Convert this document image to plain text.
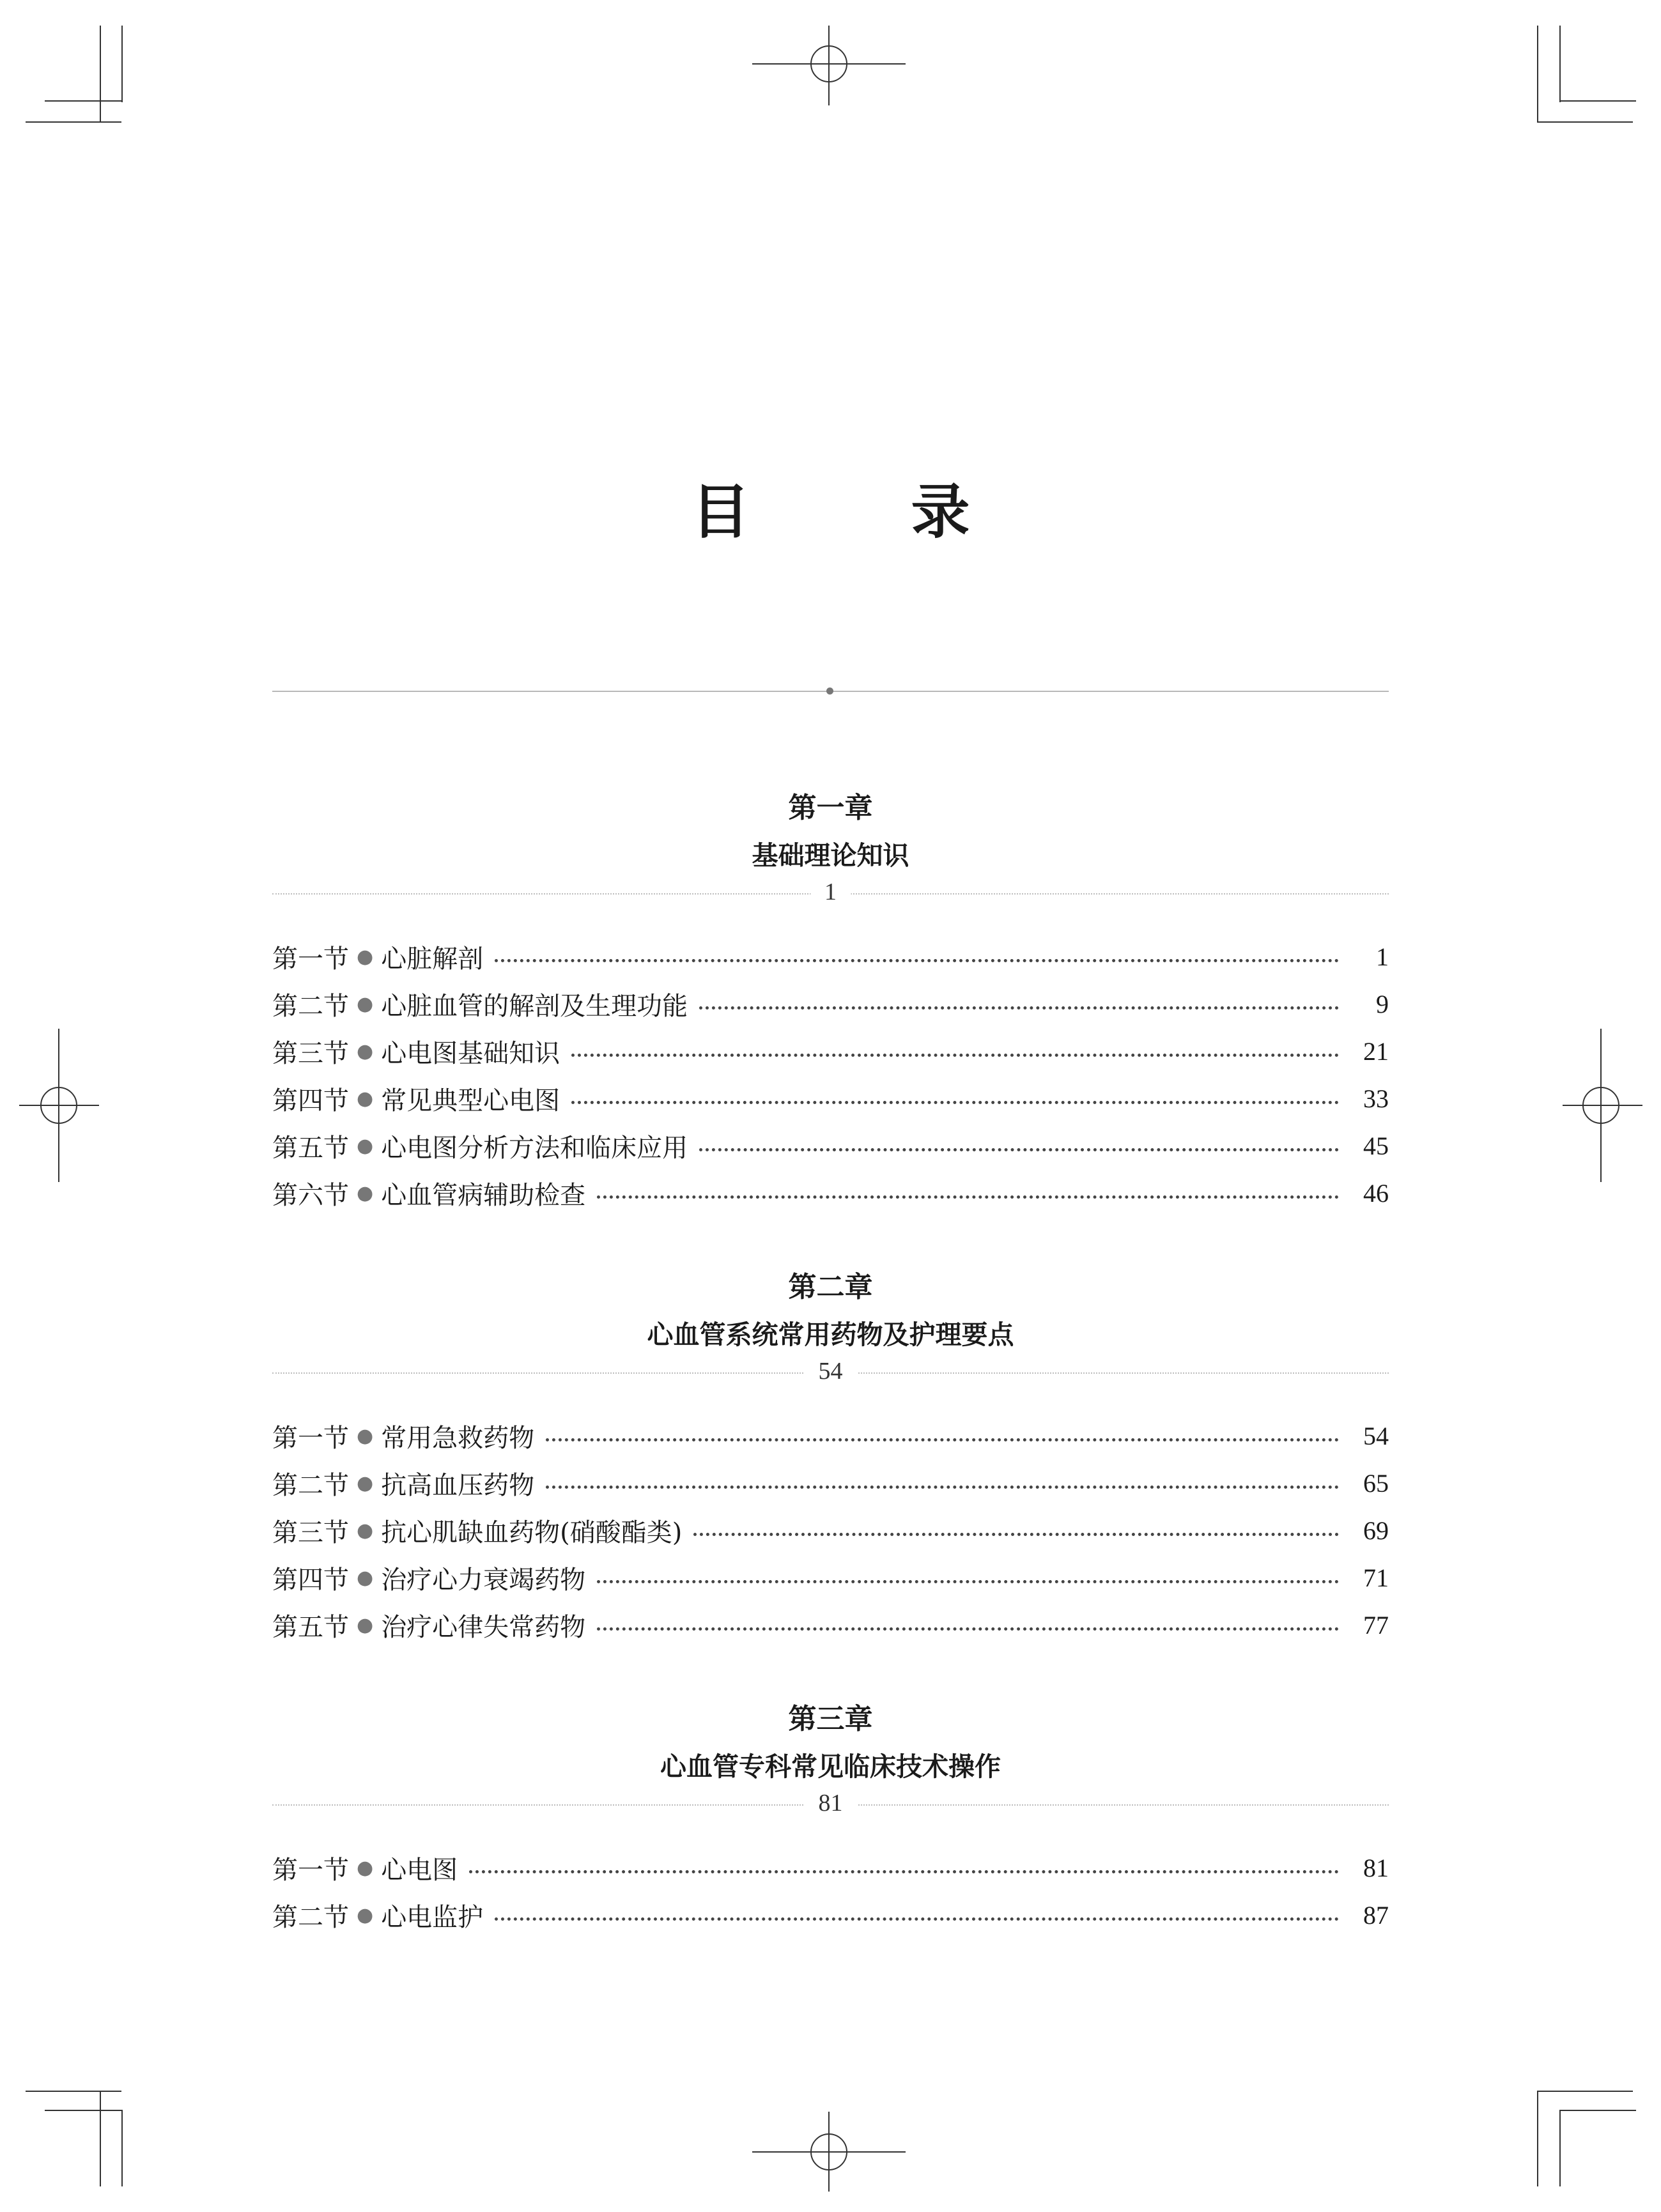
目 录
第一章
基础理论知识
1
第一节 ● 心脏解剖	1
第二节 ● 心脏血管的解剖及生理功能	9
第三节 ● 心电图基础知识	21
第四节 ● 常见典型心电图	33
第五节 ● 心电图分析方法和临床应用	45
第六节 ● 心血管病辅助检查	46
第二章
心血管系统常用药物及护理要点
54
第一节 ● 常用急救药物	54
第二节 ● 抗高血压药物	65
第三节 ● 抗心肌缺血药物(硝酸酯类)	69
第四节 ● 治疗心力衰竭药物	71
第五节 ● 治疗心律失常药物	77
第三章
心血管专科常见临床技术操作
81
第一节 ● 心电图	81
第二节 ● 心电监护	87
